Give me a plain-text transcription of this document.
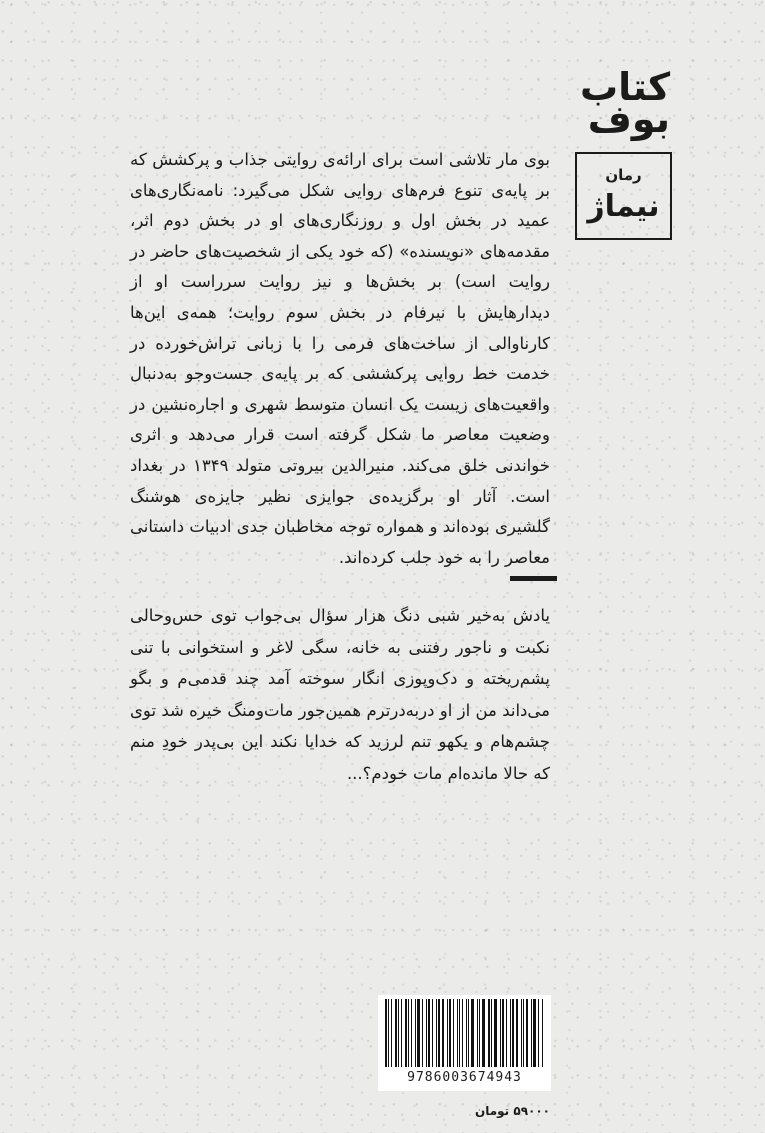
کتاب
بوف
رمان
نیماژ
بوی مار تلاشی است برای ارائه‌ی روایتی جذاب و پرکشش که بر پایه‌ی تنوع فرم‌های روایی شکل می‌گیرد: نامه‌نگاری‌های عمید در بخش اول و روزنگاری‌های او در بخش دوم اثر، مقدمه‌های «نویسنده» (که خود یکی از شخصیت‌های حاضر در روایت است) بر بخش‌ها و نیز روایت سرراست او از دیدارهایش با نیرفام در بخش سوم روایت؛ همه‌ی این‌ها کارناوالی از ساخت‌های فرمی را با زبانی تراش‌خورده در خدمت خط روایی پرکششی که بر پایه‌ی جست‌وجو به‌دنبال واقعیت‌های زیست یک انسان متوسط شهری و اجاره‌نشین در وضعیت معاصر ما شکل گرفته است قرار می‌دهد و اثری خواندنی خلق می‌کند. منیرالدین بیروتی متولد ۱۳۴۹ در بغداد است. آثار او برگزیده‌ی جوایزی نظیر جایزه‌ی هوشنگ گلشیری بوده‌اند و همواره توجه مخاطبان جدی ادبیات داستانی معاصر را به خود جلب کرده‌اند.
یادش به‌خیر شبی دنگ هزار سؤال بی‌جواب توی حس‌وحالی نکبت و ناجور رفتنی به خانه، سگی لاغر و استخوانی با تنی پشم‌ریخته و دک‌وپوزی انگار سوخته آمد چند قدمی‌م و بگو می‌داند من از او دربه‌درترم همین‌جور مات‌ومنگ خیره شد توی چشم‌هام و یکهو تنم لرزید که خدایا نکند این بی‌پدر خودِ منم که حالا مانده‌ام مات خودم؟...
9786003674943
۵۹۰۰۰ تومان
